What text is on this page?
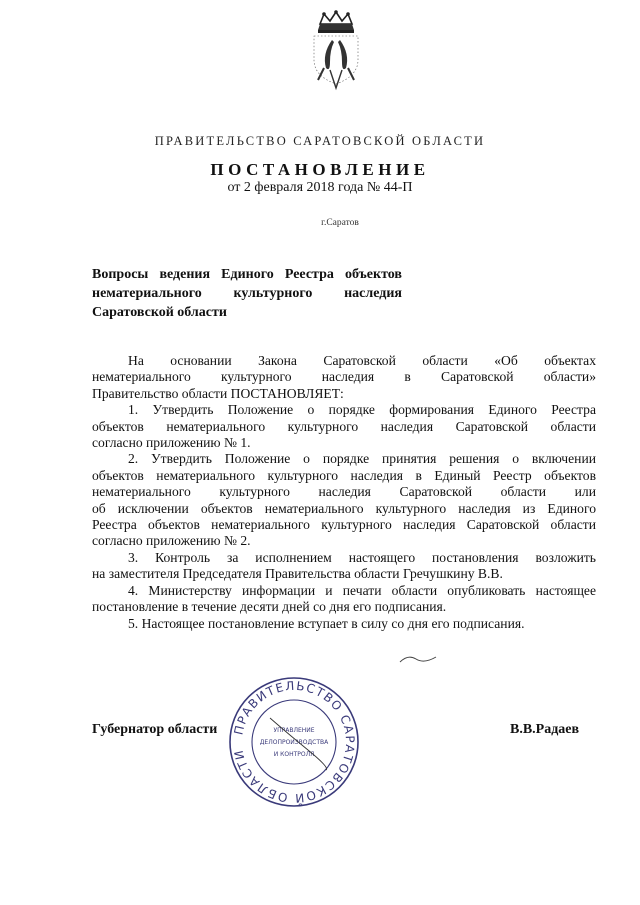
ПРАВИТЕЛЬСТВО САРАТОВСКОЙ ОБЛАСТИ
ПОСТАНОВЛЕНИЕ
от 2 февраля 2018 года № 44-П
г.Саратов
Вопросы ведения Единого Реестра объектов
нематериального культурного наследия
Саратовской области

На основании Закона Саратовской области «Об объектах
нематериального культурного наследия в Саратовской области»
Правительство области ПОСТАНОВЛЯЕТ:

1. Утвердить Положение о порядке формирования Единого Реестра
объектов нематериального культурного наследия Саратовской области
согласно приложению № 1.

2. Утвердить Положение о порядке принятия решения о включении
объектов нематериального культурного наследия в Единый Реестр объектов
нематериального культурного наследия Саратовской области или
об исключении объектов нематериального культурного наследия из Единого
Реестра объектов нематериального культурного наследия Саратовской области
согласно приложению № 2.

3. Контроль за исполнением настоящего постановления возложить
на заместителя Председателя Правительства области Гречушкину В.В.

4. Министерству информации и печати области опубликовать настоящее
постановление в течение десяти дней со дня его подписания.

5. Настоящее постановление вступает в силу со дня его подписания.

Губернатор области	В.В.Радаев
ПРАВИТЕЛЬСТВО САРАТОВСКОЙ ОБЛАСТИ
УПРАВЛЕНИЕ
ДЕЛОПРОИЗВОДСТВА
И КОНТРОЛЯ
